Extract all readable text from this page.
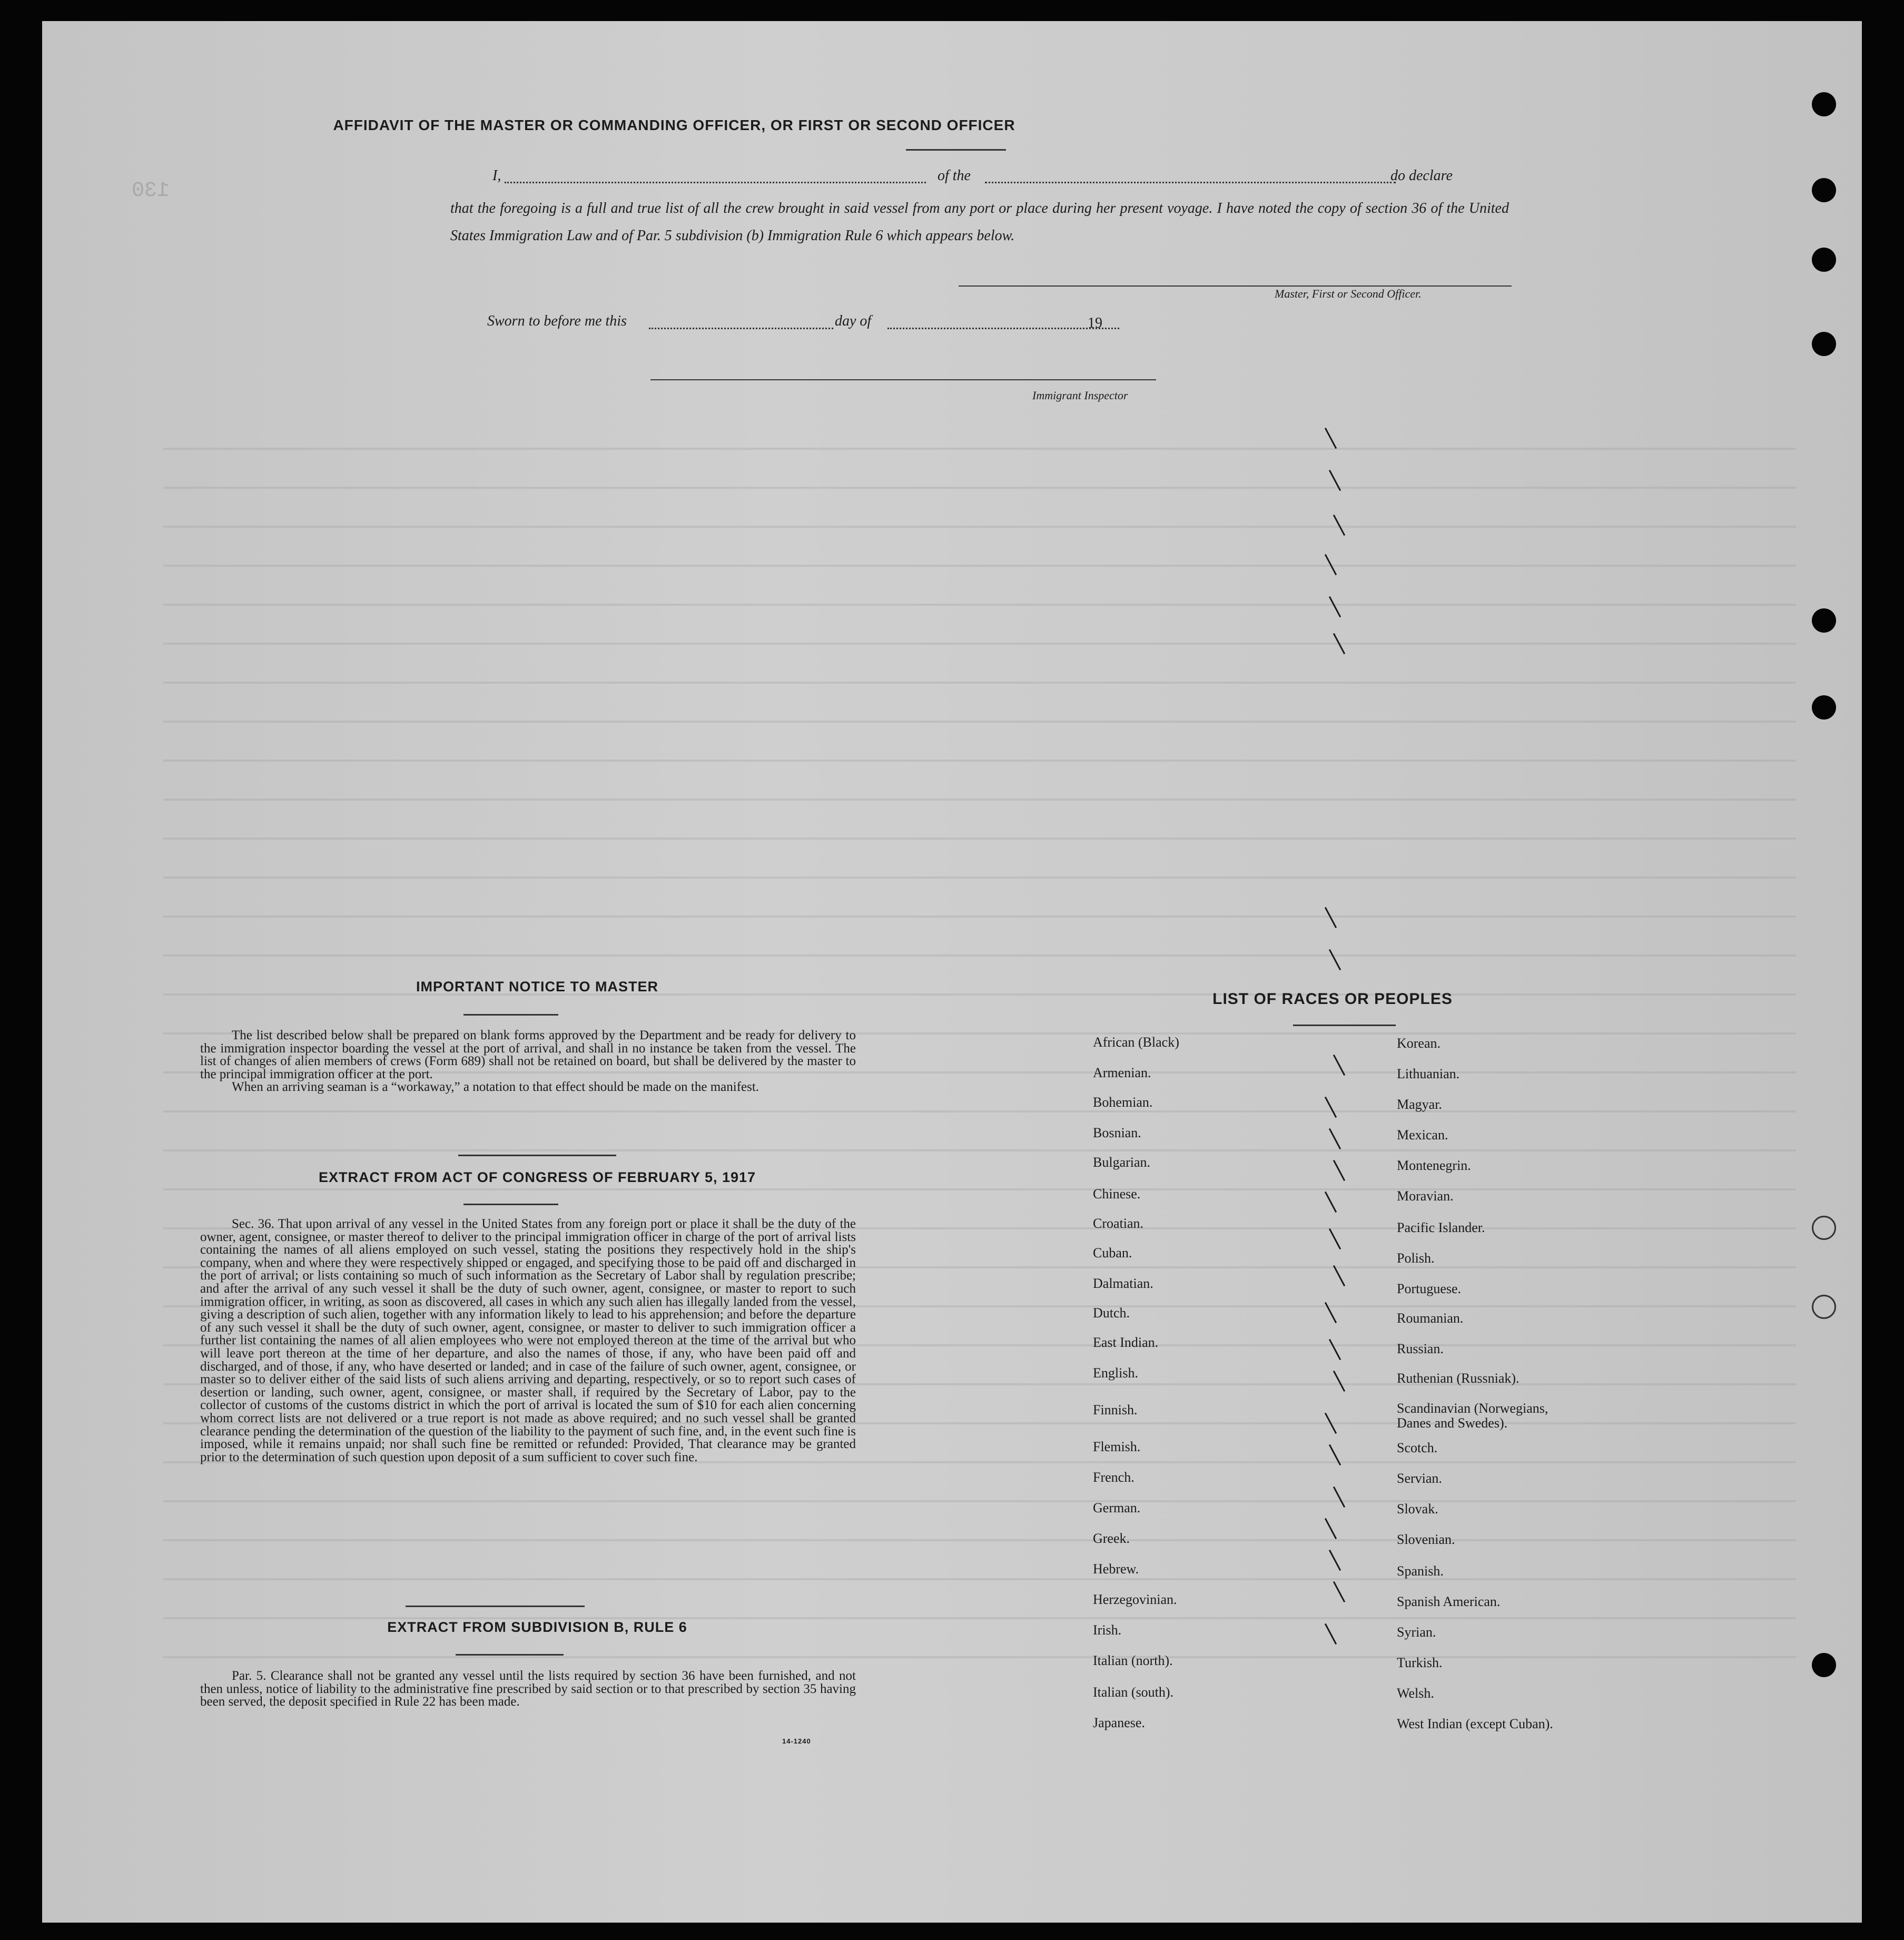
AFFIDAVIT OF THE MASTER OR COMMANDING OFFICER, OR FIRST OR SECOND OFFICER
I,	of the	do declare
that the foregoing is a full and true list of all the crew brought in said vessel from any port or place during her present voyage. I have noted the copy of section 36 of the United States Immigration Law and of Par. 5 subdivision (b) Immigration Rule 6 which appears below.
Master, First or Second Officer.
Sworn to before me this	day of	19
Immigrant Inspector
130
IMPORTANT NOTICE TO MASTER

The list described below shall be prepared on blank forms approved by the Department and be ready for delivery to the immigration inspector boarding the vessel at the port of arrival, and shall in no instance be taken from the vessel. The list of changes of alien members of crews (Form 689) shall not be retained on board, but shall be delivered by the master to the principal immigration officer at the port.

When an arriving seaman is a “workaway,” a notation to that effect should be made on the manifest.

EXTRACT FROM ACT OF CONGRESS OF FEBRUARY 5, 1917

Sec. 36. That upon arrival of any vessel in the United States from any foreign port or place it shall be the duty of the owner, agent, consignee, or master thereof to deliver to the principal immigration officer in charge of the port of arrival lists containing the names of all aliens employed on such vessel, stating the positions they respectively hold in the ship's company, when and where they were respectively shipped or engaged, and specifying those to be paid off and discharged in the port of arrival; or lists containing so much of such information as the Secretary of Labor shall by regulation prescribe; and after the arrival of any such vessel it shall be the duty of such owner, agent, consignee, or master to report to such immigration officer, in writing, as soon as discovered, all cases in which any such alien has illegally landed from the vessel, giving a description of such alien, together with any information likely to lead to his apprehension; and before the departure of any such vessel it shall be the duty of such owner, agent, consignee, or master to deliver to such immigration officer a further list containing the names of all alien employees who were not employed thereon at the time of the arrival but who will leave port thereon at the time of her departure, and also the names of those, if any, who have been paid off and discharged, and of those, if any, who have deserted or landed; and in case of the failure of such owner, agent, consignee, or master so to deliver either of the said lists of such aliens arriving and departing, respectively, or so to report such cases of desertion or landing, such owner, agent, consignee, or master shall, if required by the Secretary of Labor, pay to the collector of customs of the customs district in which the port of arrival is located the sum of $10 for each alien concerning whom correct lists are not delivered or a true report is not made as above required; and no such vessel shall be granted clearance pending the determination of the question of the liability to the payment of such fine, and, in the event such fine is imposed, while it remains unpaid; nor shall such fine be remitted or refunded: Provided, That clearance may be granted prior to the determination of such question upon deposit of a sum sufficient to cover such fine.

EXTRACT FROM SUBDIVISION B, RULE 6

Par. 5. Clearance shall not be granted any vessel until the lists required by section 36 have been furnished, and not then unless, notice of liability to the administrative fine prescribed by said section or to that prescribed by section 35 having been served, the deposit specified in Rule 22 has been made.

14-1240
LIST OF RACES OR PEOPLES
African (Black)
Armenian.
Bohemian.
Bosnian.
Bulgarian.
Chinese.
Croatian.
Cuban.
Dalmatian.
Dutch.
East Indian.
English.
Finnish.
Flemish.
French.
German.
Greek.
Hebrew.
Herzegovinian.
Irish.
Italian (north).
Italian (south).
Japanese.
Korean.
Lithuanian.
Magyar.
Mexican.
Montenegrin.
Moravian.
Pacific Islander.
Polish.
Portuguese.
Roumanian.
Russian.
Ruthenian (Russniak).
Scandinavian (Norwegians, Danes and Swedes).
Scotch.
Servian.
Slovak.
Slovenian.
Spanish.
Spanish American.
Syrian.
Turkish.
Welsh.
West Indian (except Cuban).
